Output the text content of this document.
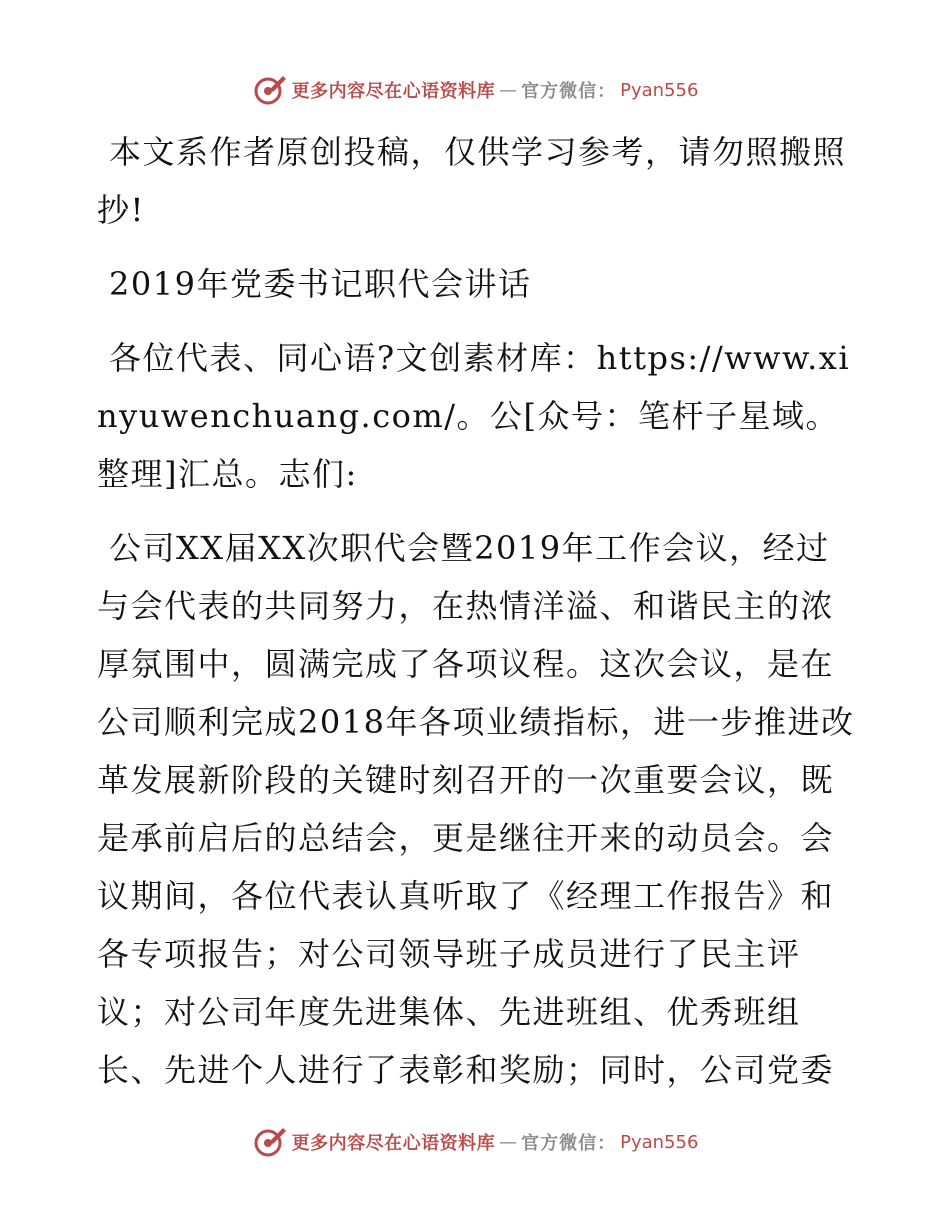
更多内容尽在心语资料库 — 官方微信： Pyan556

本文系作者原创投稿，仅供学习参考，请勿照搬照抄!

2019年党委书记职代会讲话

各位代表、同心语?文创素材库：https://www.xinyuwenchuang.com/。公[众号：笔杆子星域。整理]汇总。志们:

公司XX届XX次职代会暨2019年工作会议，经过与会代表的共同努力，在热情洋溢、和谐民主的浓厚氛围中，圆满完成了各项议程。这次会议，是在公司顺利完成2018年各项业绩指标，进一步推进改革发展新阶段的关键时刻召开的一次重要会议，既是承前启后的总结会，更是继往开来的动员会。会议期间，各位代表认真听取了《经理工作报告》和各专项报告；对公司领导班子成员进行了民主评议；对公司年度先进集体、先进班组、优秀班组长、先进个人进行了表彰和奖励；同时，公司党委

更多内容尽在心语资料库 — 官方微信： Pyan556
